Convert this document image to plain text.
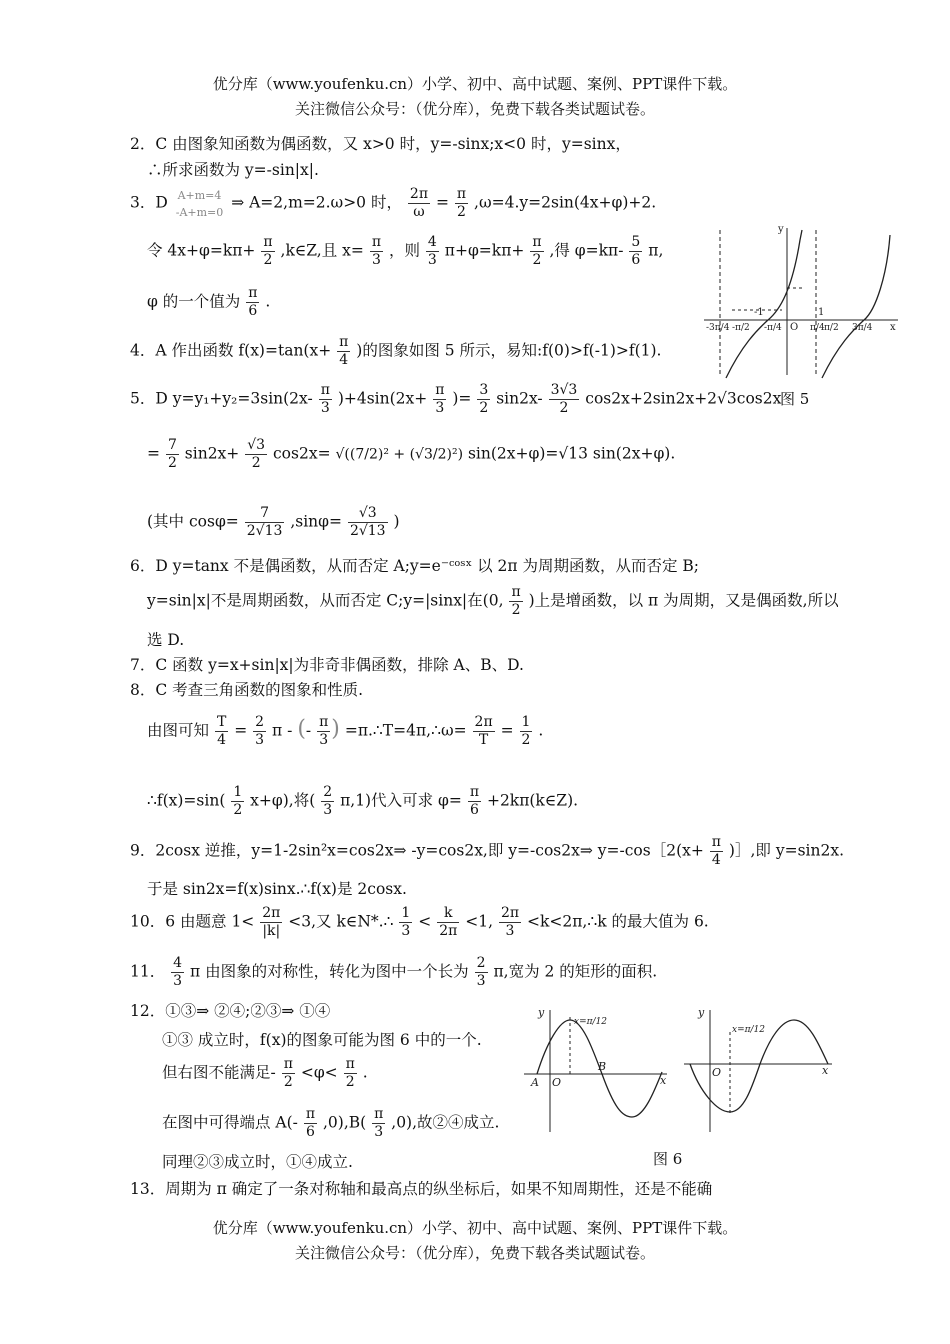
优分库（www.youfenku.cn）小学、初中、高中试题、案例、PPT课件下载。
关注微信公众号：（优分库），免费下载各类试题试卷。
2．C 由图象知函数为偶函数，又 x>0 时，y=-sinx;x<0 时，y=sinx，
∴所求函数为 y=-sin|x|.
3．D A+m=4
-A+m=0
⇒ A=2,m=2.ω>0 时， $\frac{2\pi}{\omega} = \frac{\pi}{2} ,\omega=4.y=2\sin(4x+\varphi)+2$.
令 $4x+\varphi=k\pi+ \frac{\pi}{2}$ ,k∈Z,且 $x= \frac{\pi}{3}$ ，则 $\frac{4}{3} \pi+\varphi=k\pi+ \frac{\pi}{2}$ ,得 $\varphi=k\pi- \frac{5}{6} \pi$,
φ 的一个值为 $\frac{\pi}{6}$ .
4．A 作出函数 $f(x)=\tan(x+ \frac{\pi}{4}$ )的图象如图 5 所示，易知:f(0)>f(-1)>f(1).
5．D $y=y_1+y_2=3\sin(2x- \frac{\pi}{3} )+4\sin(2x+ \frac{\pi}{3}$ )= $\frac{3}{2} \sin 2x- \frac{3√3}{2} \cos 2x+2\sin 2x+2√3\cos 2x$
= $\frac{7}{2} \sin 2x+ \frac{√3}{2} \cos 2x= √((7/2)^2 + (√3/2)^2)$ sin(2x+φ)=√13 sin(2x+φ).
(其中 $\cos\varphi= \frac{7}{2√13} ,\sin\varphi= \frac{√3}{2√13}$ )
6．D y=tanx 不是偶函数，从而否定 A;y=e⁻ᶜᵒˢˣ 以 2π 为周期函数，从而否定 B;
y=sin|x|不是周期函数，从而否定 C;y=|sinx|在(0, $\frac{\pi}{2}$ )上是增函数，以 π 为周期，又是偶函数,所以
选 D.
7．C 函数 y=x+sin|x|为非奇非偶函数，排除 A、B、D.
8．C 考查三角函数的图象和性质.
由图可知 $\frac{T}{4} = \frac{2}{3}$ π - (- $\frac{\pi}{3}$ ) =π.∴T=4π,∴ω= $\frac{2\pi}{T} = \frac{1}{2}$ .
∴f(x)=sin( $\frac{1}{2} x+\varphi$),将( $\frac{2}{3} \pi,1$)代入可求 $\varphi= \frac{\pi}{6}$ +2kπ(k∈Z).
9．2cosx 逆推，y=1-2sin²x=cos2x⇒ -y=cos2x,即 y=-cos2x⇒ y=-cos［2(x+ $\frac{\pi}{4}$ )］,即 y=sin2x.
于是 sin2x=f(x)sinx.∴f(x)是 2cosx.
10．6 由题意 $1< \frac{2\pi}{|k|} <3$,又 k∈N*.∴ $\frac{1}{3} < \frac{k}{2\pi} <1$, $\frac{2\pi}{3}$ <k<2π,∴k 的最大值为 6.
11． $\frac{4}{3}$ π 由图象的对称性，转化为图中一个长为 $\frac{2}{3} \pi$,宽为 2 的矩形的面积.
12．①③⇒ ②④;②③⇒ ①④
①③ 成立时，f(x)的图象可能为图 6 中的一个.
但右图不能满足- $\frac{\pi}{2} <\varphi< \frac{\pi}{2}$ .
在图中可得端点 $A(- \frac{\pi}{6} ,0),B( \frac{\pi}{3} ,0)$,故②④成立.
同理②③成立时，①④成立.
13．周期为 π 确定了一条对称轴和最高点的纵坐标后，如果不知周期性，还是不能确
y
x
O
-1	1
-3π/4 -π/2 -π/4	π/4 π/2 3π/4
图 5
y
x
O
A
B
x=π/12
y
x
O
x=π/12
图 6
优分库（www.youfenku.cn）小学、初中、高中试题、案例、PPT课件下载。
关注微信公众号：（优分库），免费下载各类试题试卷。
